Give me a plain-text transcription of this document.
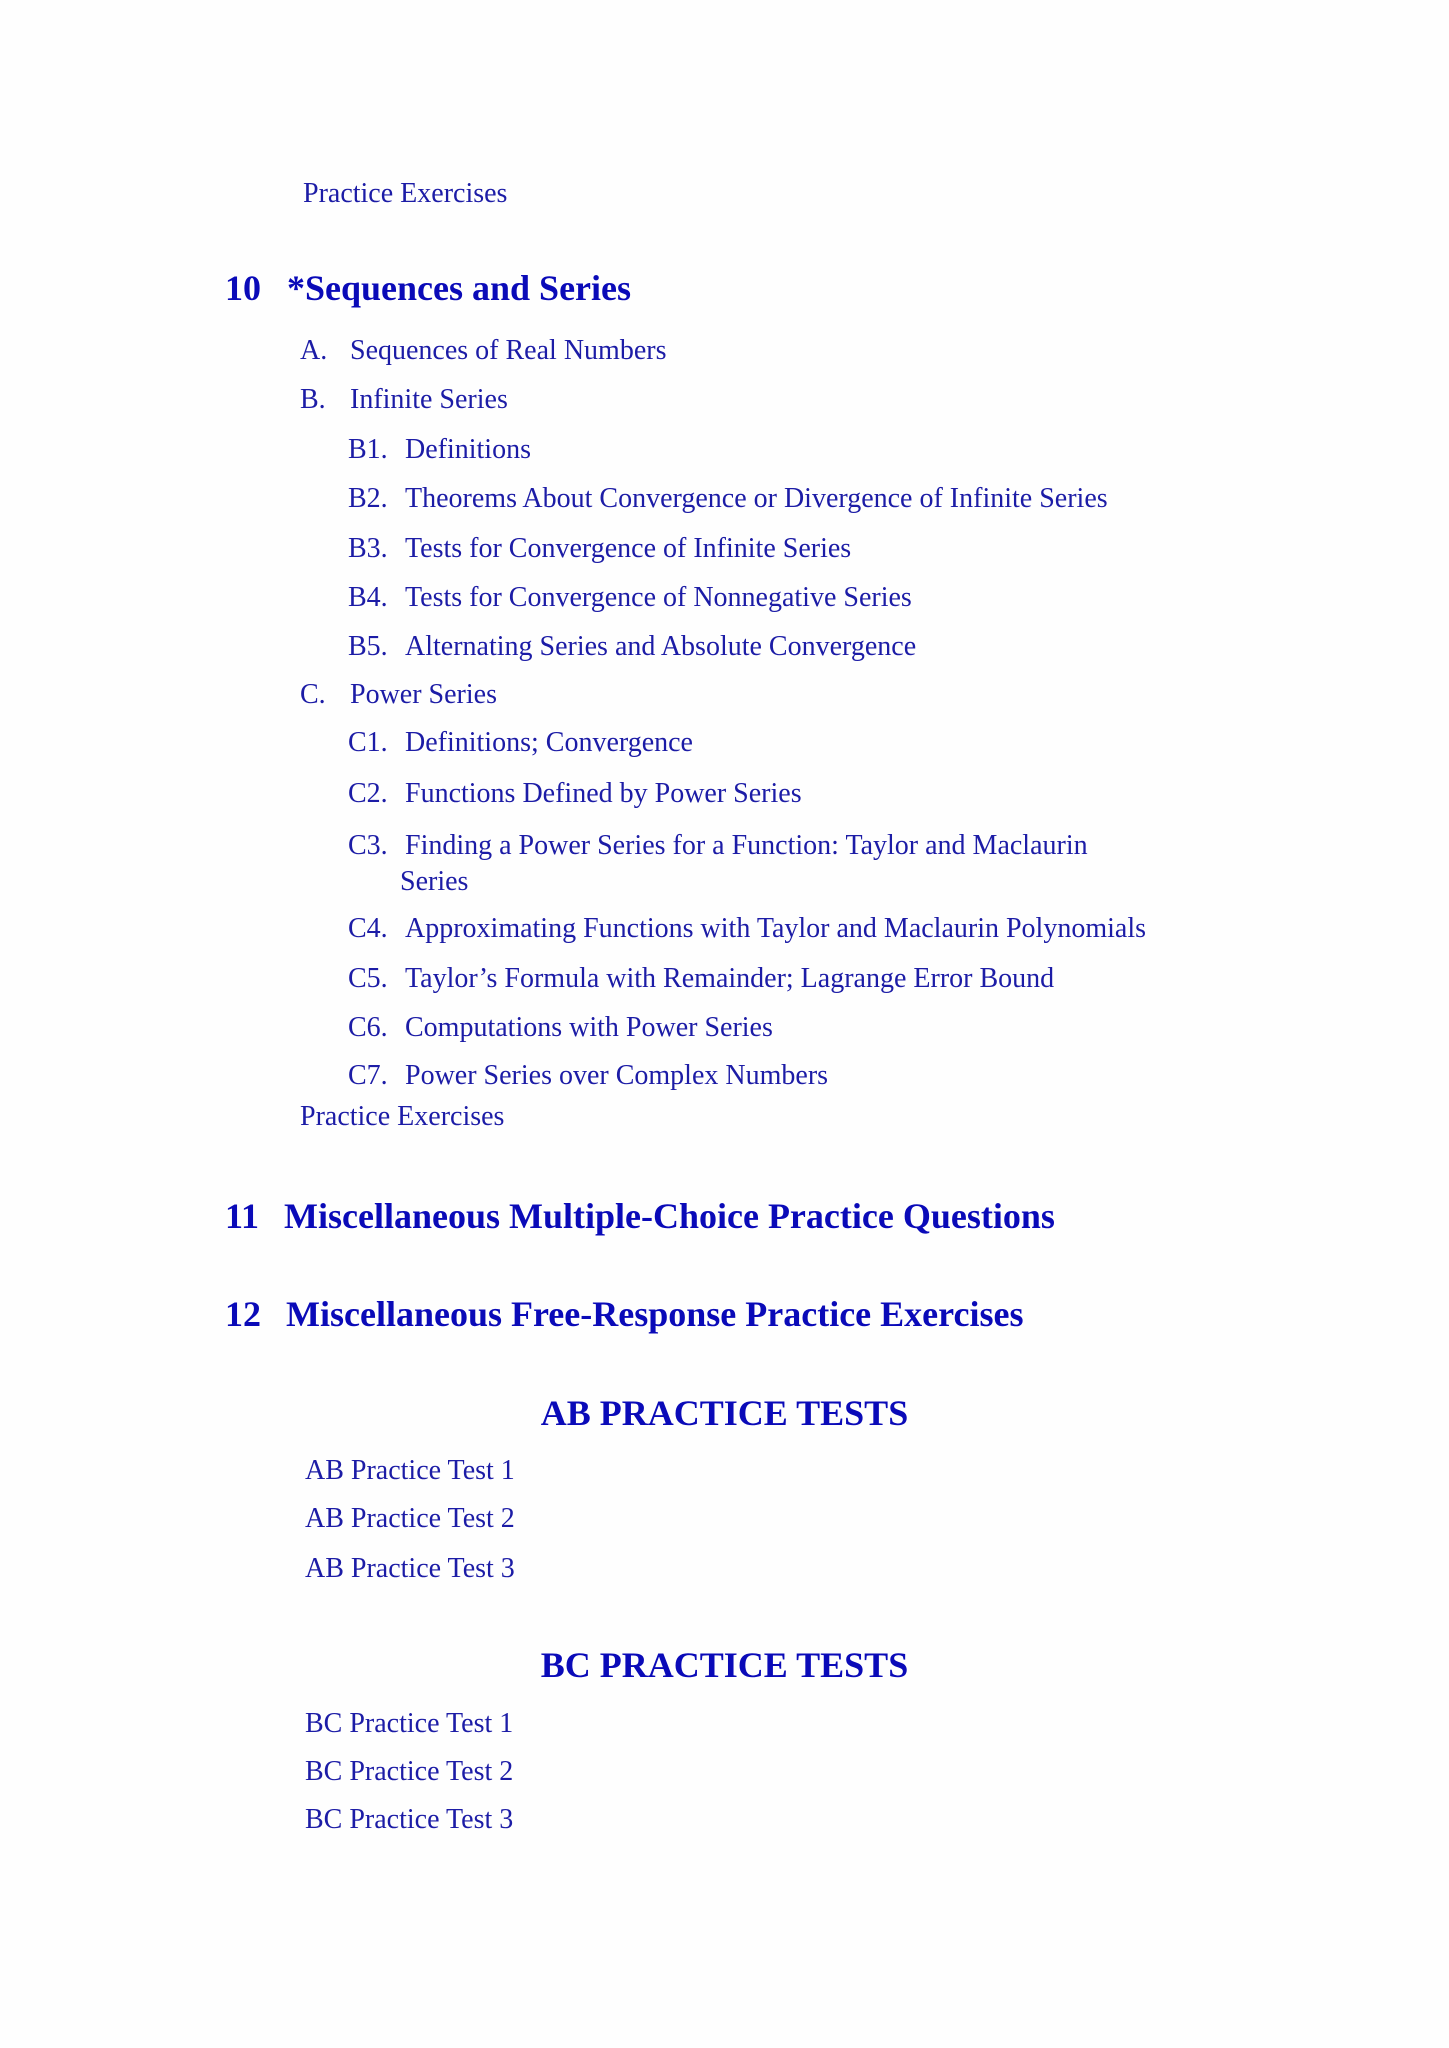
Practice Exercises
10 *Sequences and Series
A. Sequences of Real Numbers
B. Infinite Series
B1. Definitions
B2. Theorems About Convergence or Divergence of Infinite Series
B3. Tests for Convergence of Infinite Series
B4. Tests for Convergence of Nonnegative Series
B5. Alternating Series and Absolute Convergence
C. Power Series
C1. Definitions; Convergence
C2. Functions Defined by Power Series
C3. Finding a Power Series for a Function: Taylor and Maclaurin
Series
C4. Approximating Functions with Taylor and Maclaurin Polynomials
C5. Taylor’s Formula with Remainder; Lagrange Error Bound
C6. Computations with Power Series
C7. Power Series over Complex Numbers
Practice Exercises
11 Miscellaneous Multiple-Choice Practice Questions
12 Miscellaneous Free-Response Practice Exercises
AB PRACTICE TESTS
AB Practice Test 1
AB Practice Test 2
AB Practice Test 3
BC PRACTICE TESTS
BC Practice Test 1
BC Practice Test 2
BC Practice Test 3
